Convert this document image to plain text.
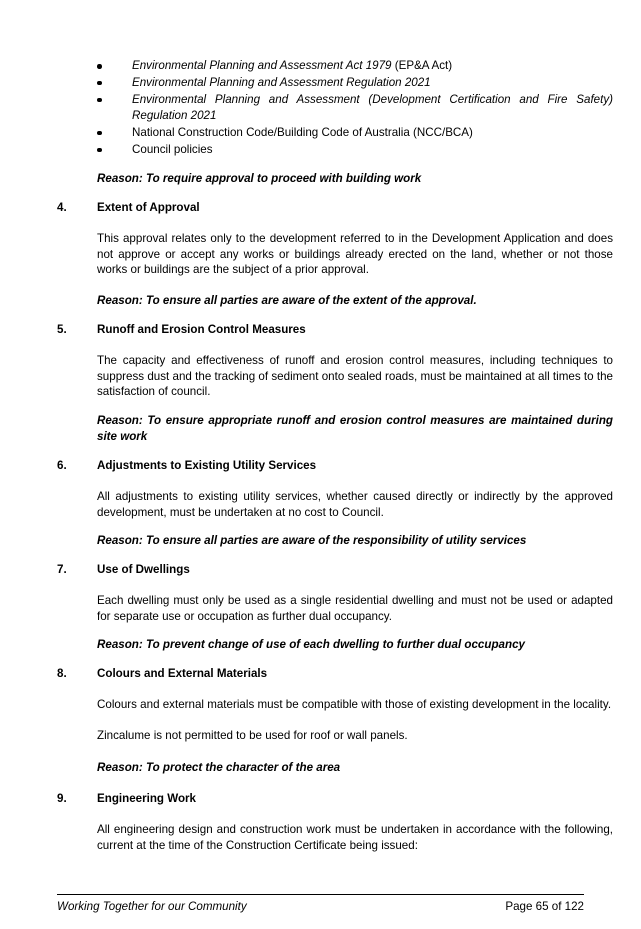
Environmental Planning and Assessment Act 1979 (EP&A Act)
Environmental Planning and Assessment Regulation 2021
Environmental Planning and Assessment (Development Certification and Fire Safety) Regulation 2021
National Construction Code/Building Code of Australia (NCC/BCA)
Council policies
Reason: To require approval to proceed with building work
4.	Extent of Approval
This approval relates only to the development referred to in the Development Application and does not approve or accept any works or buildings already erected on the land, whether or not those works or buildings are the subject of a prior approval.
Reason: To ensure all parties are aware of the extent of the approval.
5.	Runoff and Erosion Control Measures
The capacity and effectiveness of runoff and erosion control measures, including techniques to suppress dust and the tracking of sediment onto sealed roads, must be maintained at all times to the satisfaction of council.
Reason: To ensure appropriate runoff and erosion control measures are maintained during site work
6.	Adjustments to Existing Utility Services
All adjustments to existing utility services, whether caused directly or indirectly by the approved development, must be undertaken at no cost to Council.
Reason: To ensure all parties are aware of the responsibility of utility services
7.	Use of Dwellings
Each dwelling must only be used as a single residential dwelling and must not be used or adapted for separate use or occupation as further dual occupancy.
Reason: To prevent change of use of each dwelling to further dual occupancy
8.	Colours and External Materials
Colours and external materials must be compatible with those of existing development in the locality.
Zincalume is not permitted to be used for roof or wall panels.
Reason: To protect the character of the area
9.	Engineering Work
All engineering design and construction work must be undertaken in accordance with the following, current at the time of the Construction Certificate being issued:
Working Together for our Community	Page 65 of 122
